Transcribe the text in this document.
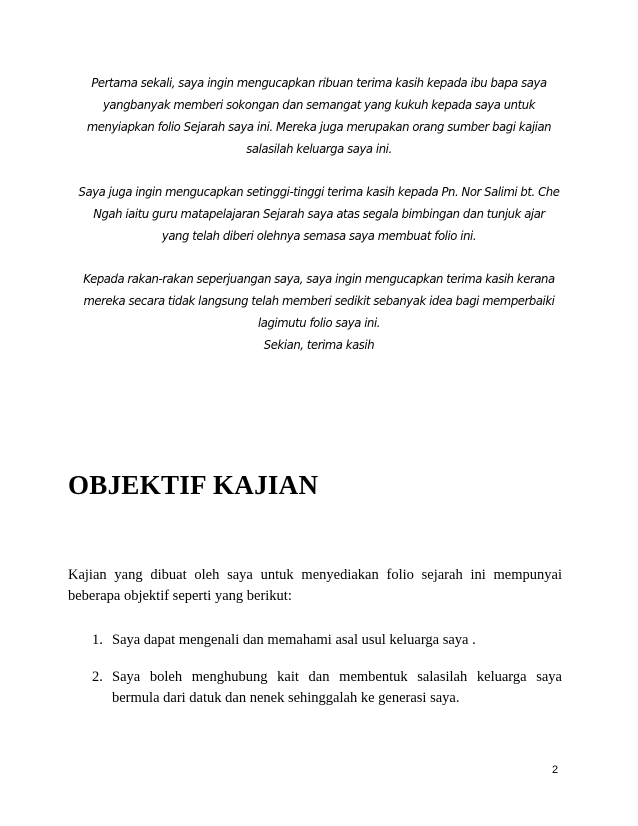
Pertama sekali, saya ingin mengucapkan ribuan terima kasih kepada ibu bapa saya yangbanyak memberi sokongan dan semangat yang kukuh kepada saya untuk menyiapkan folio Sejarah saya ini. Mereka juga merupakan orang sumber bagi kajian salasilah keluarga saya ini.

Saya juga ingin mengucapkan setinggi-tinggi terima kasih kepada Pn. Nor Salimi bt. Che Ngah iaitu guru matapelajaran Sejarah saya atas segala bimbingan dan tunjuk ajar yang telah diberi olehnya semasa saya membuat folio ini.

Kepada rakan-rakan seperjuangan saya, saya ingin mengucapkan terima kasih kerana mereka secara tidak langsung telah memberi sedikit sebanyak idea bagi memperbaiki lagimutu folio saya ini.

Sekian, terima kasih
OBJEKTIF KAJIAN

Kajian yang dibuat oleh saya untuk menyediakan folio sejarah ini mempunyai beberapa objektif seperti yang berikut:

1. Saya dapat mengenali dan memahami asal usul keluarga saya .
2. Saya boleh menghubung kait dan membentuk salasilah keluarga saya bermula dari datuk dan nenek sehinggalah ke generasi saya.
2
